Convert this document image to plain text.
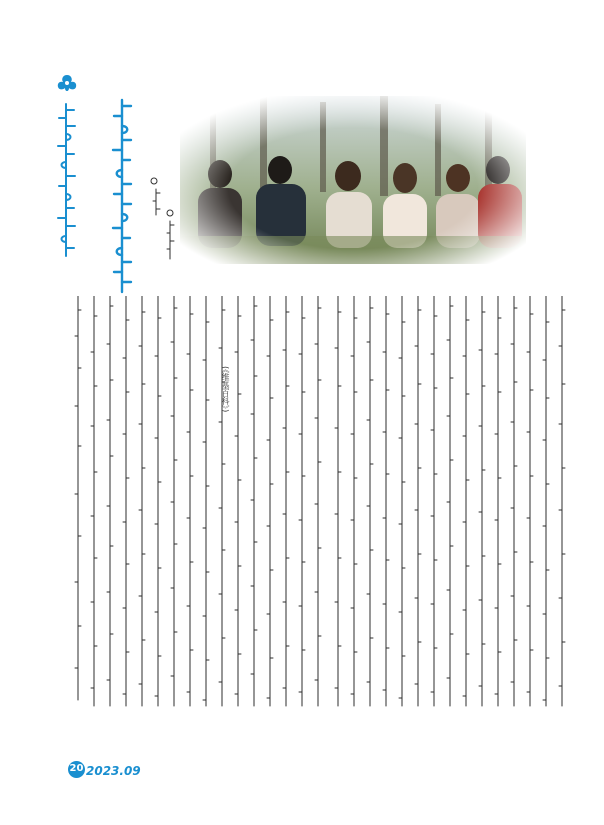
(《维基百科》)
20 2023.09
